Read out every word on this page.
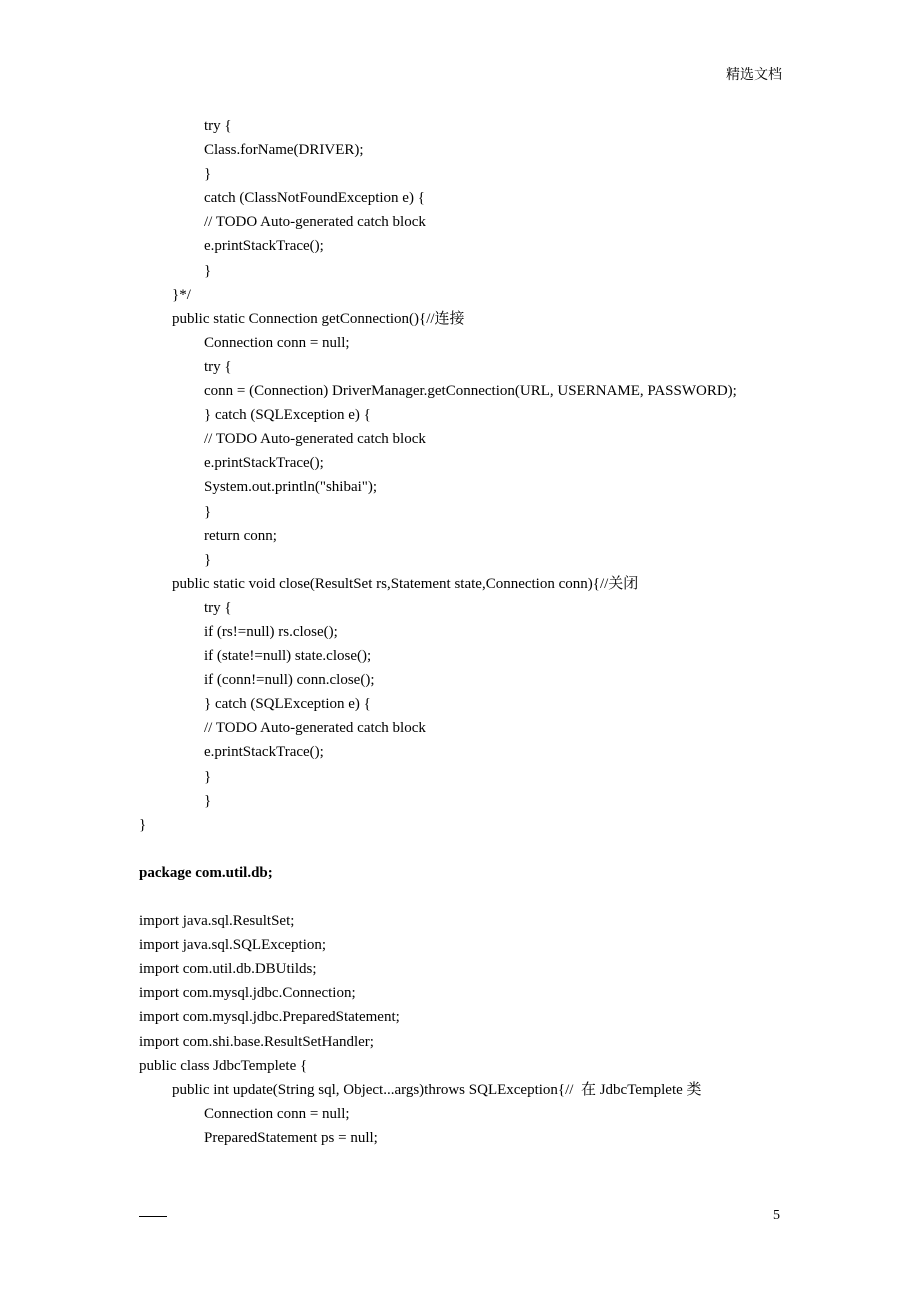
精选文档
try {
Class.forName(DRIVER);
}
catch (ClassNotFoundException e) {
// TODO Auto-generated catch block
e.printStackTrace();
}
}*/
public static Connection getConnection(){//连接
Connection conn = null;
try {
conn = (Connection) DriverManager.getConnection(URL, USERNAME, PASSWORD);
} catch (SQLException e) {
// TODO Auto-generated catch block
e.printStackTrace();
System.out.println("shibai");
}
return conn;
}
public static void close(ResultSet rs,Statement state,Connection conn){//关闭
try {
if (rs!=null) rs.close();
if (state!=null) state.close();
if (conn!=null) conn.close();
} catch (SQLException e) {
// TODO Auto-generated catch block
e.printStackTrace();
}
}
}
package com.util.db;
import java.sql.ResultSet;
import java.sql.SQLException;
import com.util.db.DBUtilds;
import com.mysql.jdbc.Connection;
import com.mysql.jdbc.PreparedStatement;
import com.shi.base.ResultSetHandler;
public class JdbcTemplete {
public int update(String sql, Object...args)throws SQLException{//  在 JdbcTemplete 类
Connection conn = null;
PreparedStatement ps = null;
5
